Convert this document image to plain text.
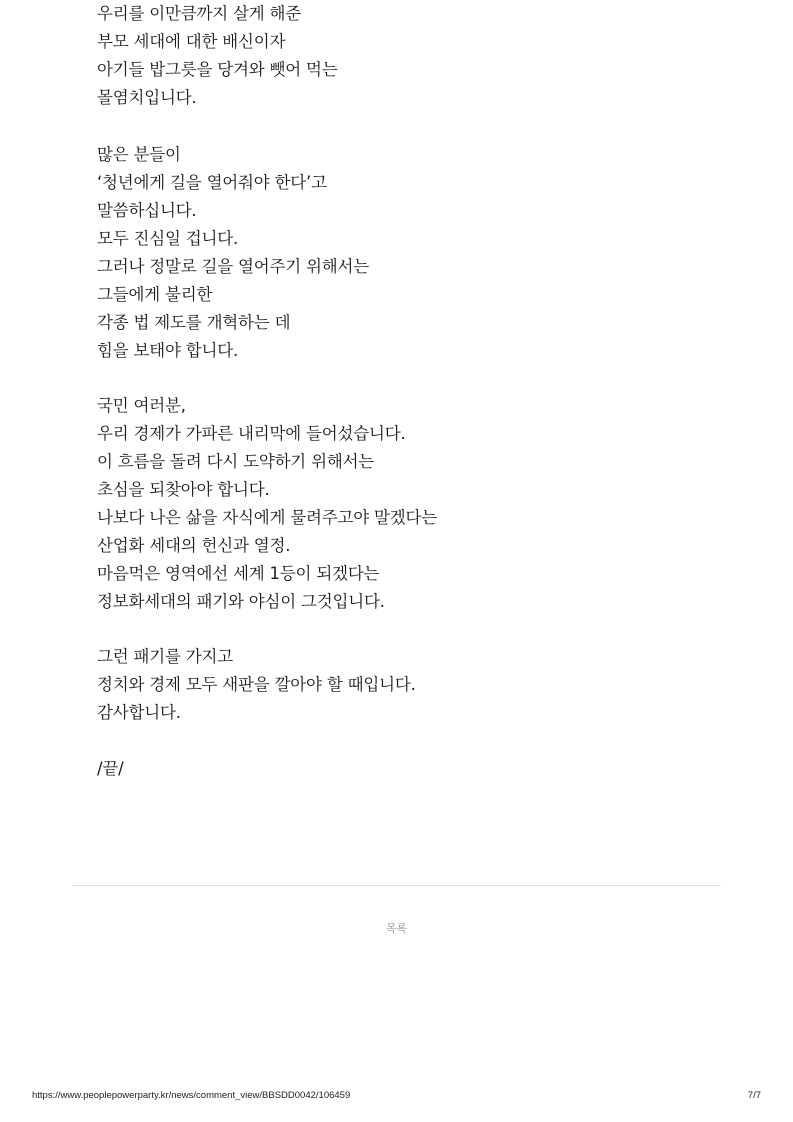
우리를 이만큼까지 살게 해준
부모 세대에 대한 배신이자
아기들 밥그릇을 당겨와 뺏어 먹는
몰염치입니다.
많은 분들이
‘청년에게 길을 열어줘야 한다’고
말씀하십니다.
모두 진심일 겁니다.
그러나 정말로 길을 열어주기 위해서는
그들에게 불리한
각종 법 제도를 개혁하는 데
힘을 보태야 합니다.
국민 여러분,
우리 경제가 가파른 내리막에 들어섰습니다.
이 흐름을 돌려 다시 도약하기 위해서는
초심을 되찾아야 합니다.
나보다 나은 삶을 자식에게 물려주고야 말겠다는
산업화 세대의 헌신과 열정.
마음먹은 영역에선 세계 1등이 되겠다는
정보화세대의 패기와 야심이 그것입니다.
그런 패기를 가지고
정치와 경제 모두 새판을 깔아야 할 때입니다.
감사합니다.
/끝/
목록
https://www.peoplepowerparty.kr/news/comment_view/BBSDD0042/106459	7/7
